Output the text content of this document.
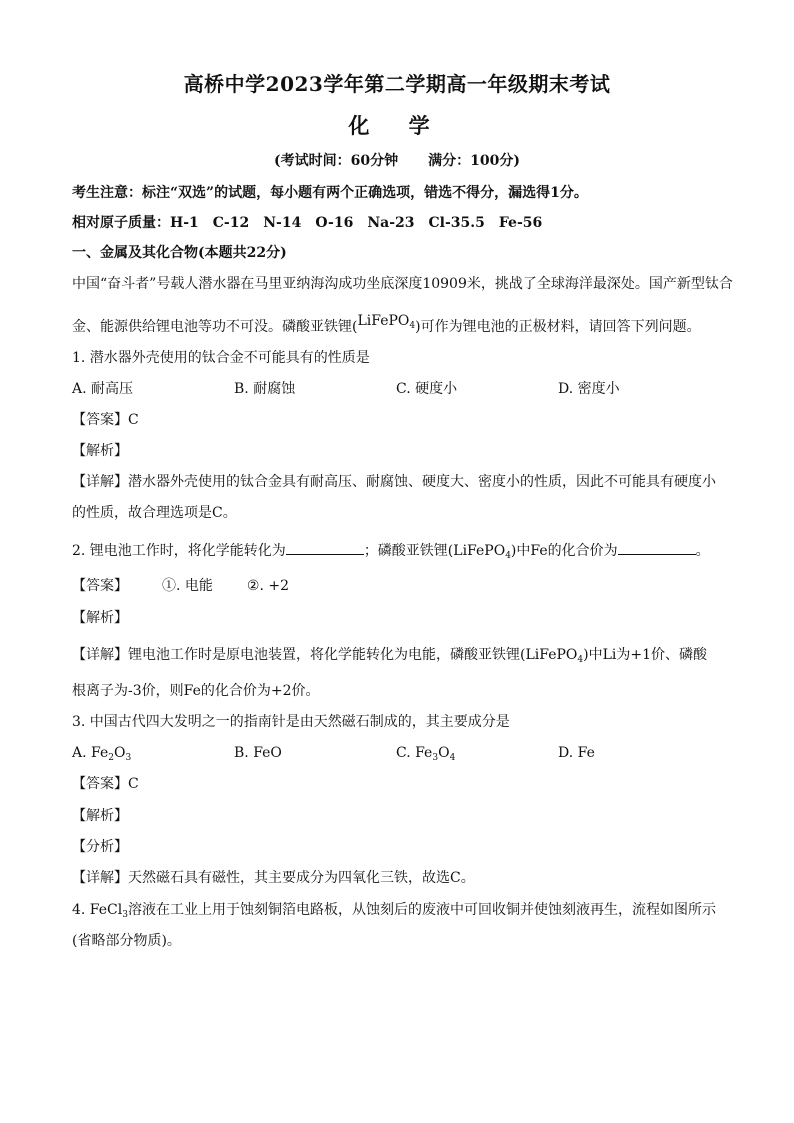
高桥中学2023学年第二学期高一年级期末考试
化 学
(考试时间：60分钟 满分：100分)
考生注意：标注“双选”的试题，每小题有两个正确选项，错选不得分，漏选得1分。
相对原子质量：H-1 C-12 N-14 O-16 Na-23 Cl-35.5 Fe-56
一、金属及其化合物(本题共22分)
中国“奋斗者”号载人潜水器在马里亚纳海沟成功坐底深度10909米，挑战了全球海洋最深处。国产新型钛合
金、能源供给锂电池等功不可没。磷酸亚铁锂(LiFePO$_4$)可作为锂电池的正极材料，请回答下列问题。
1. 潜水器外壳使用的钛合金不可能具有的性质是
A. 耐高压	B. 耐腐蚀	C. 硬度小	D. 密度小
【答案】C
【解析】
【详解】潜水器外壳使用的钛合金具有耐高压、耐腐蚀、硬度大、密度小的性质，因此不可能具有硬度小
的性质，故合理选项是C。
2. 锂电池工作时，将化学能转化为	；磷酸亚铁锂(LiFePO$_4$)中Fe的化合价为	。
【答案】 ①. 电能 ②. +2
【解析】
【详解】锂电池工作时是原电池装置，将化学能转化为电能，磷酸亚铁锂(LiFePO$_4$)中Li为+1价、磷酸
根离子为-3价，则Fe的化合价为+2价。
3. 中国古代四大发明之一的指南针是由天然磁石制成的，其主要成分是
A. $Fe_2O_3$	B. FeO	C. $Fe_3O_4$	D. Fe
【答案】C
【解析】
【分析】
【详解】天然磁石具有磁性，其主要成分为四氧化三铁，故选C。
4. FeCl$_3$溶液在工业上用于蚀刻铜箔电路板，从蚀刻后的废液中可回收铜并使蚀刻液再生，流程如图所示
(省略部分物质)。
